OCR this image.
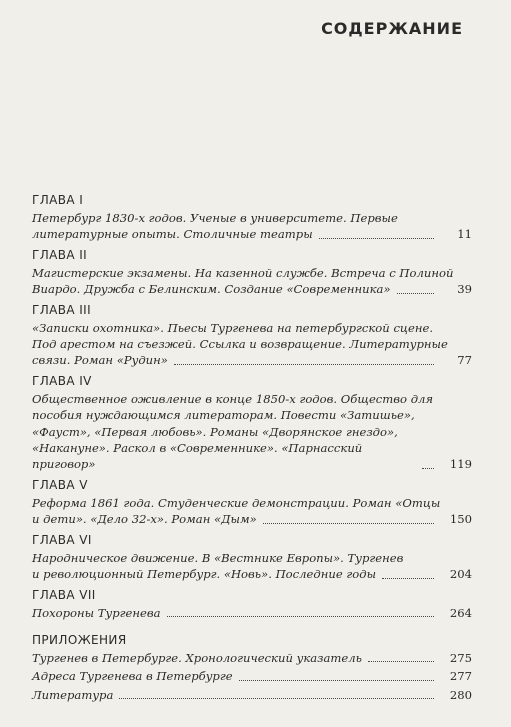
СОДЕРЖАНИЕ
ГЛАВА I
Петербург 1830-х годов. Ученые в университете. Первые
литературные опыты. Столичные театры	11
ГЛАВА II
Магистерские экзамены. На казенной службе. Встреча с Полиной
Виардо. Дружба с Белинским. Создание «Современника»	39
ГЛАВА III
«Записки охотника». Пьесы Тургенева на петербургской сцене.
Под арестом на съезжей. Ссылка и возвращение. Литературные
связи. Роман «Рудин»	77
ГЛАВА IV
Общественное оживление в конце 1850-х годов. Общество для
пособия нуждающимся литераторам. Повести «Затишье»,
«Фауст», «Первая любовь». Романы «Дворянское гнездо»,
«Накануне». Раскол в «Современнике». «Парнасский приговор»	119
ГЛАВА V
Реформа 1861 года. Студенческие демонстрации. Роман «Отцы
и дети». «Дело 32-х». Роман «Дым»	150
ГЛАВА VI
Народническое движение. В «Вестнике Европы». Тургенев
и революционный Петербург. «Новь». Последние годы	204
ГЛАВА VII
Похороны Тургенева	264
ПРИЛОЖЕНИЯ
Тургенев в Петербурге. Хронологический указатель	275
Адреса Тургенева в Петербурге	277
Литература	280
